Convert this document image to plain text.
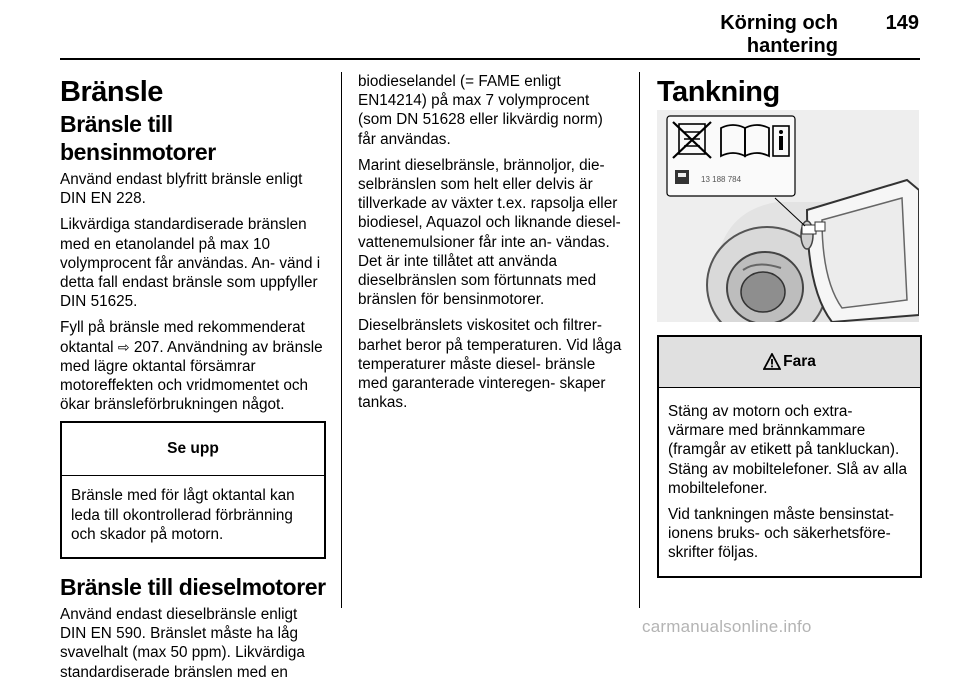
Körning och hantering
149
Bränsle
Bränsle till bensinmotorer

Använd endast blyfritt bränsle enligt DIN EN 228.

Likvärdiga standardiserade bränslen med en etanolandel på max 10 volymprocent får användas. An‐ vänd i detta fall endast bränsle som uppfyller DIN 51625.

Fyll på bränsle med rekommenderat oktantal ⇨ 207. Användning av bränsle med lägre oktantal försämrar motoreffekten och vridmomentet och ökar bränsleförbrukningen något.

Se upp

Bränsle med för lågt oktantal kan leda till okontrollerad förbränning och skador på motorn.

Bränsle till dieselmotorer

Använd endast dieselbränsle enligt DIN EN 590. Bränslet måste ha låg svavelhalt (max 50 ppm). Likvärdiga standardiserade bränslen med en

biodieselandel (= FAME enligt EN14214) på max 7 volymprocent (som DN 51628 eller likvärdig norm) får användas.

Marint dieselbränsle, brännoljor, die‐ selbränslen som helt eller delvis är tillverkade av växter t.ex. rapsolja eller biodiesel, Aquazol och liknande diesel-vattenemulsioner får inte an‐ vändas. Det är inte tillåtet att använda dieselbränslen som förtunnats med bränslen för bensinmotorer.

Dieselbränslets viskositet och filtrer‐ barhet beror på temperaturen. Vid låga temperaturer måste diesel‐ bränsle med garanterade vinteregen‐ skaper tankas.

Tankning
13 188 784
Fara

Stäng av motorn och extra‐ värmare med brännkammare (framgår av etikett på tankluckan). Stäng av mobiltelefoner. Slå av alla mobiltelefoner.

Vid tankningen måste bensinstat‐ ionens bruks- och säkerhetsföre‐ skrifter följas.

carmanualsonline.info
